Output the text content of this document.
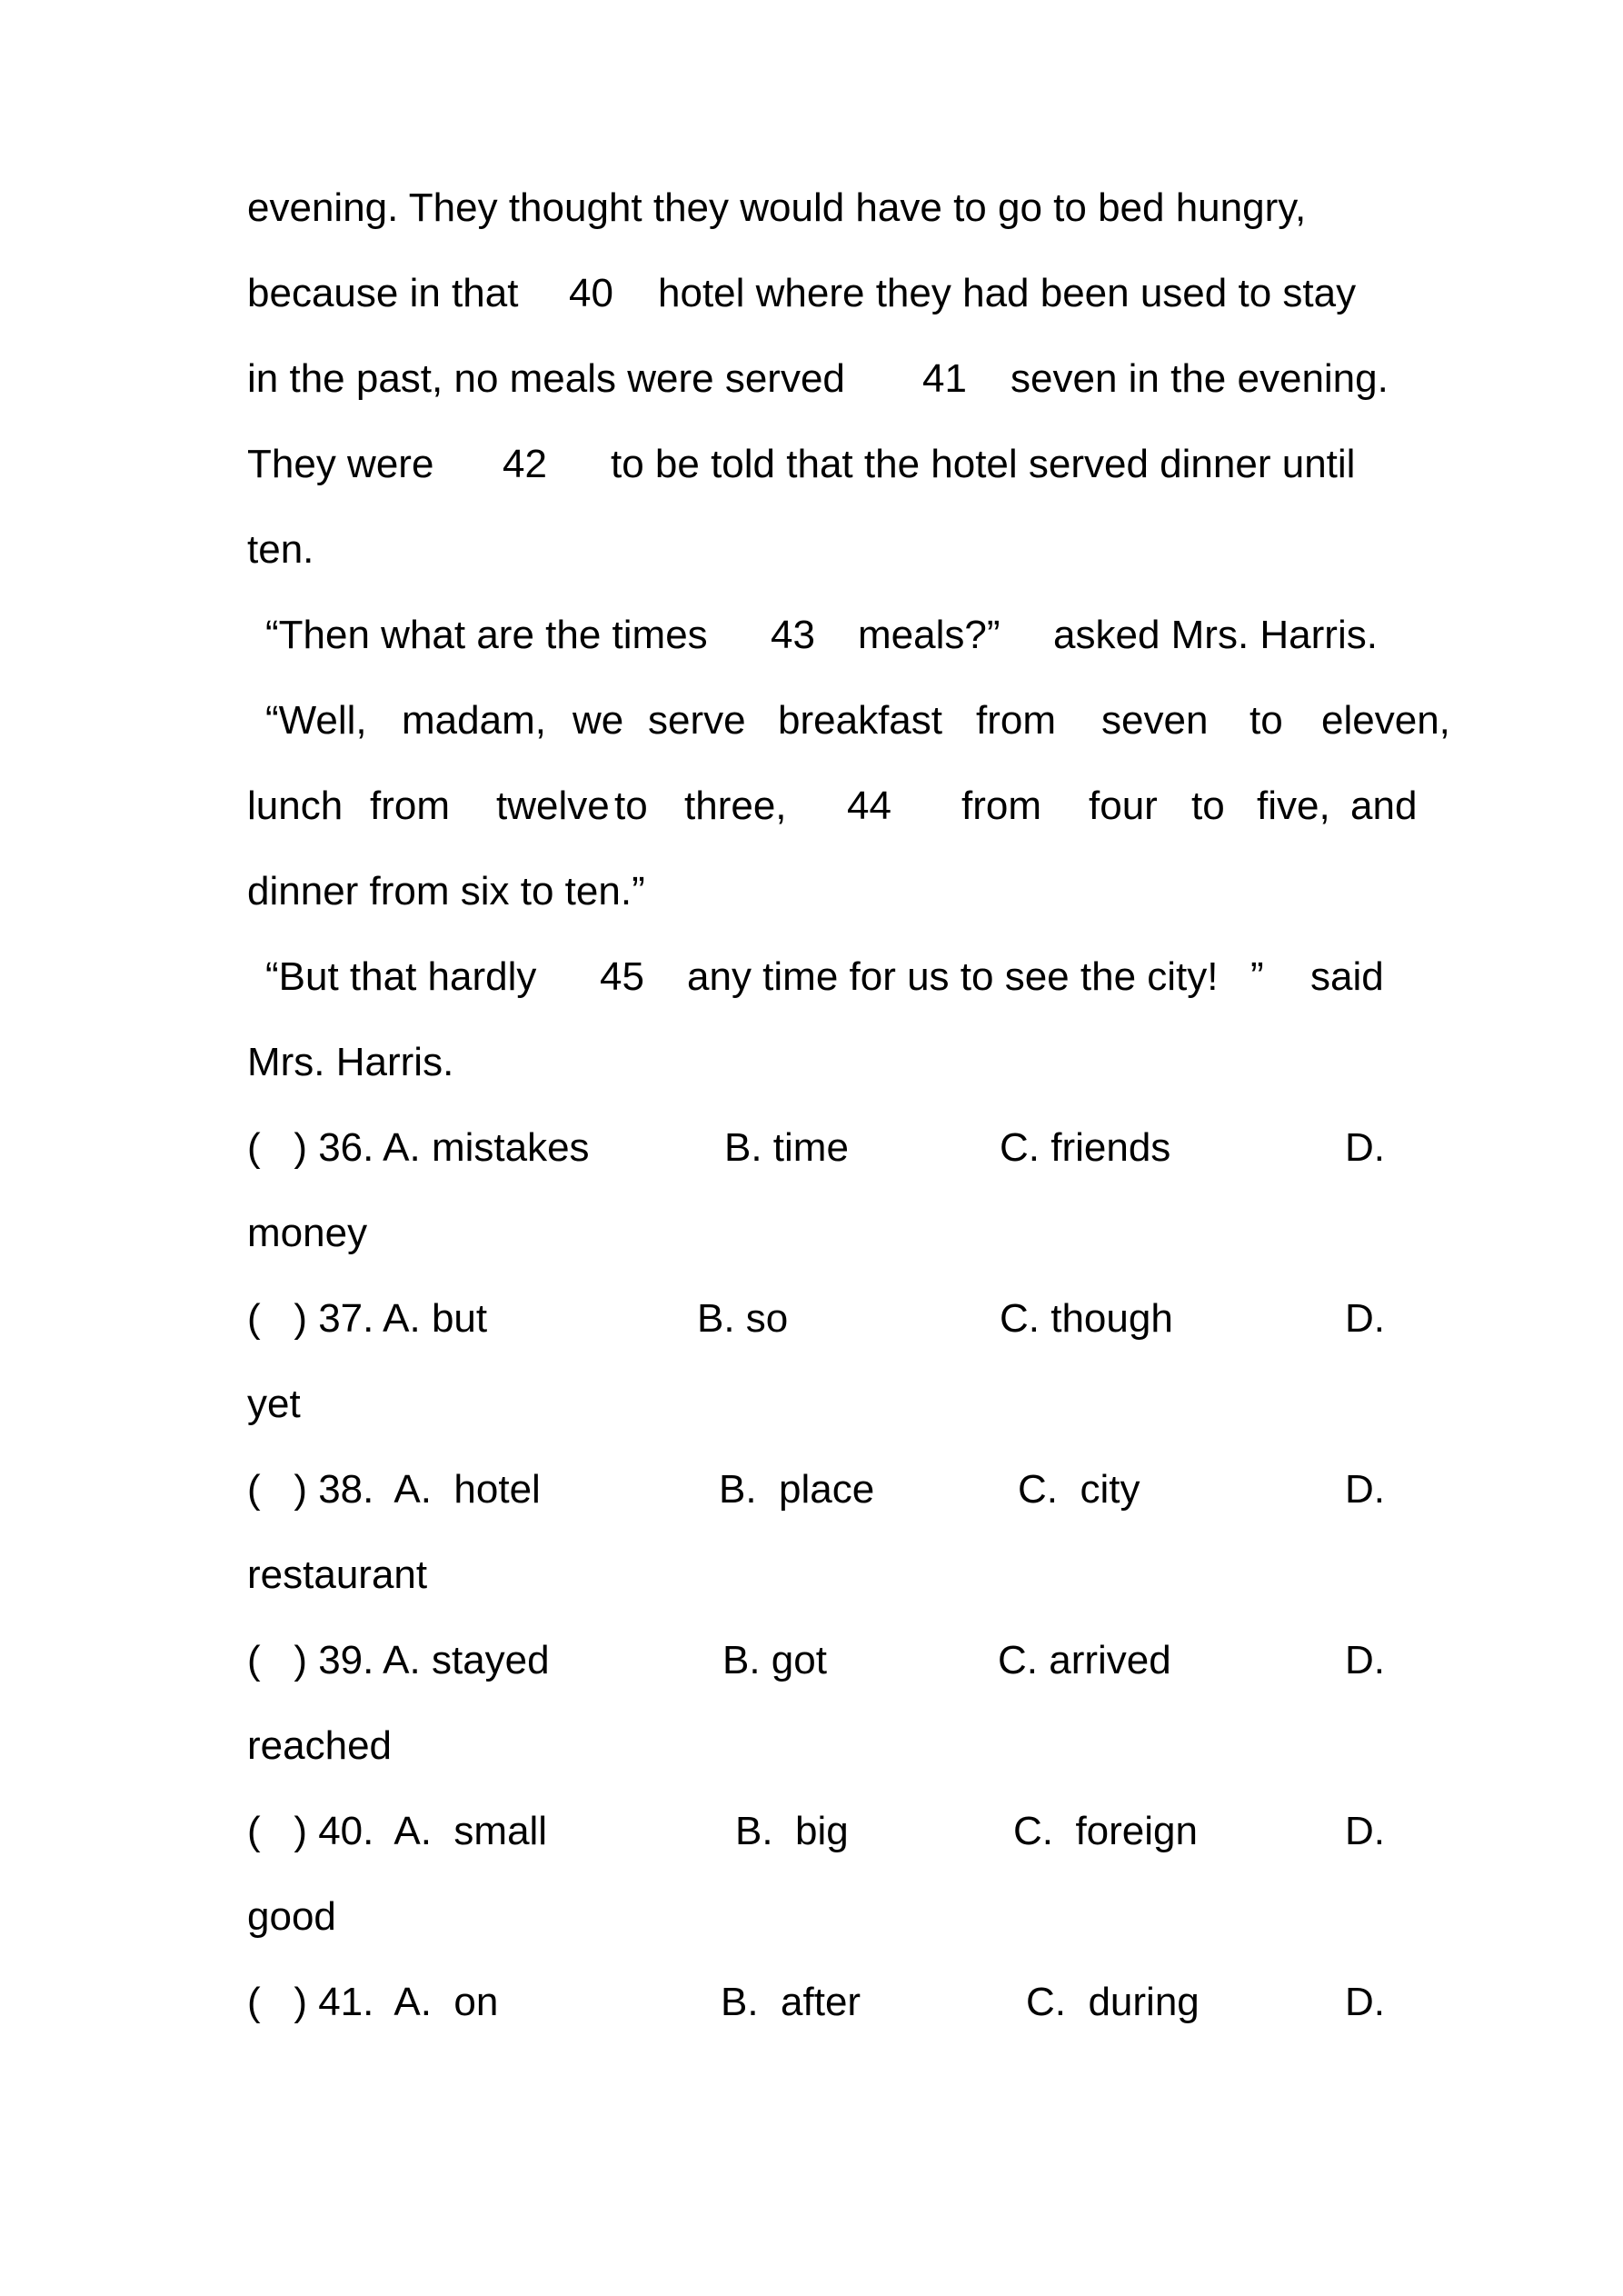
evening. They thought they would have to go to bed hungry,
because in that 40 hotel where they had been used to stay
in the past, no meals were served 41 seven in the evening.
They were 42 to be told that the hotel served dinner until
ten.
“Then what are the times 43 meals?” asked Mrs. Harris.
“Well, madam, we serve breakfast from seven to eleven,
lunch from twelve to three, 44 from four to five, and
dinner from six to ten.”
“But that hardly 45 any time for us to see the city! ” said
Mrs. Harris.
(   ) 36. A. mistakes	B. time	C. friends	D.
money
(   ) 37. A. but	B. so	C. though	D.
yet
(   ) 38.  A.  hotel	B.  place	C.  city	D.
restaurant
(   ) 39. A. stayed	B. got	C. arrived	D.
reached
(   ) 40.  A.  small	B.  big	C.  foreign	D.
good
(   ) 41.  A.  on	B.  after	C.  during	D.
